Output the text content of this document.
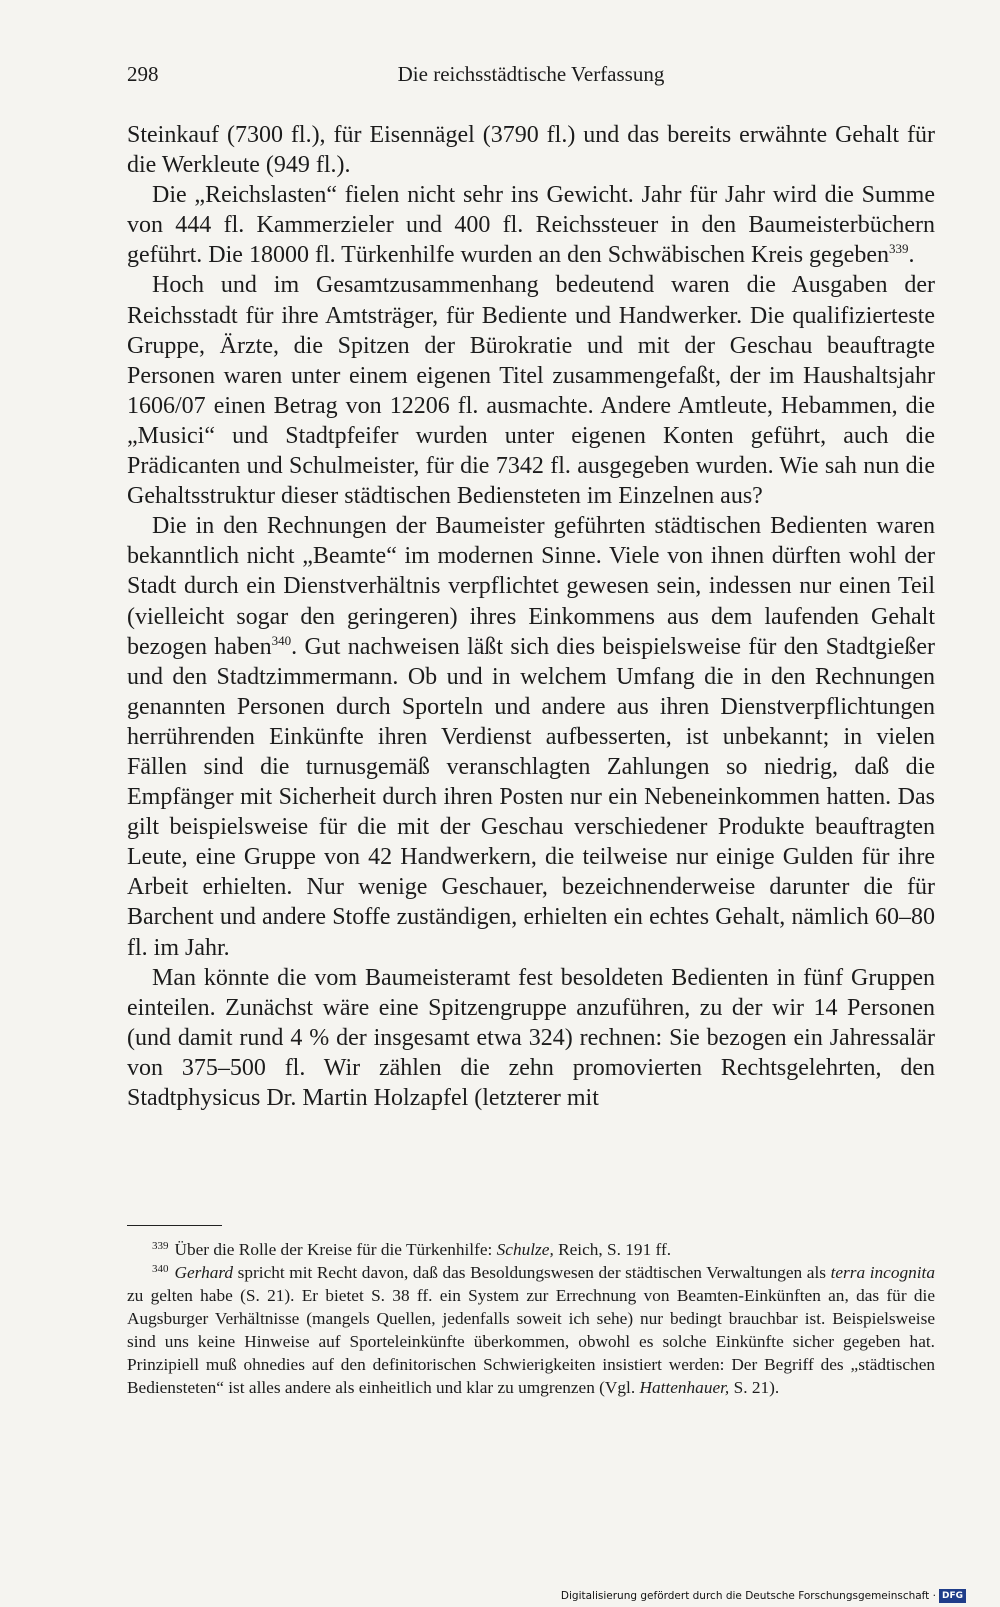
298	Die reichsstädtische Verfassung

Steinkauf (7300 fl.), für Eisennägel (3790 fl.) und das bereits erwähnte Gehalt für die Werkleute (949 fl.).

Die „Reichslasten“ fielen nicht sehr ins Gewicht. Jahr für Jahr wird die Summe von 444 fl. Kammerzieler und 400 fl. Reichssteuer in den Baumeisterbüchern geführt. Die 18000 fl. Türkenhilfe wurden an den Schwäbischen Kreis gegeben$^{339}$.

Hoch und im Gesamtzusammenhang bedeutend waren die Ausgaben der Reichsstadt für ihre Amtsträger, für Bediente und Handwerker. Die qualifizierteste Gruppe, Ärzte, die Spitzen der Bürokratie und mit der Geschau beauftragte Personen waren unter einem eigenen Titel zusammengefaßt, der im Haushaltsjahr 1606/07 einen Betrag von 12206 fl. ausmachte. Andere Amtleute, Hebammen, die „Musici“ und Stadtpfeifer wurden unter eigenen Konten geführt, auch die Prädicanten und Schulmeister, für die 7342 fl. ausgegeben wurden. Wie sah nun die Gehaltsstruktur dieser städtischen Bediensteten im Einzelnen aus?

Die in den Rechnungen der Baumeister geführten städtischen Bedienten waren bekanntlich nicht „Beamte“ im modernen Sinne. Viele von ihnen dürften wohl der Stadt durch ein Dienstverhältnis verpflichtet gewesen sein, indessen nur einen Teil (vielleicht sogar den geringeren) ihres Einkommens aus dem laufenden Gehalt bezogen haben$^{340}$. Gut nachweisen läßt sich dies beispielsweise für den Stadtgießer und den Stadtzimmermann. Ob und in welchem Umfang die in den Rechnungen genannten Personen durch Sporteln und andere aus ihren Dienstverpflichtungen herrührenden Einkünfte ihren Verdienst aufbesserten, ist unbekannt; in vielen Fällen sind die turnusgemäß veranschlagten Zahlungen so niedrig, daß die Empfänger mit Sicherheit durch ihren Posten nur ein Nebeneinkommen hatten. Das gilt beispielsweise für die mit der Geschau verschiedener Produkte beauftragten Leute, eine Gruppe von 42 Handwerkern, die teilweise nur einige Gulden für ihre Arbeit erhielten. Nur wenige Geschauer, bezeichnenderweise darunter die für Barchent und andere Stoffe zuständigen, erhielten ein echtes Gehalt, nämlich 60–80 fl. im Jahr.

Man könnte die vom Baumeisteramt fest besoldeten Bedienten in fünf Gruppen einteilen. Zunächst wäre eine Spitzengruppe anzuführen, zu der wir 14 Personen (und damit rund 4 % der insgesamt etwa 324) rechnen: Sie bezogen ein Jahressalär von 375–500 fl. Wir zählen die zehn promovierten Rechtsgelehrten, den Stadtphysicus Dr. Martin Holzapfel (letzterer mit

$^{339}$ Über die Rolle der Kreise für die Türkenhilfe: Schulze, Reich, S. 191 ff.

$^{340}$ Gerhard spricht mit Recht davon, daß das Besoldungswesen der städtischen Verwaltungen als terra incognita zu gelten habe (S. 21). Er bietet S. 38 ff. ein System zur Errechnung von Beamten-Einkünften an, das für die Augsburger Verhältnisse (mangels Quellen, jedenfalls soweit ich sehe) nur bedingt brauchbar ist. Beispielsweise sind uns keine Hinweise auf Sporteleinkünfte überkommen, obwohl es solche Einkünfte sicher gegeben hat. Prinzipiell muß ohnedies auf den definitorischen Schwierigkeiten insistiert werden: Der Begriff des „städtischen Bediensteten“ ist alles andere als einheitlich und klar zu umgrenzen (Vgl. Hattenhauer, S. 21).

Digitalisierung gefördert durch die Deutsche Forschungsgemeinschaft · DFG
